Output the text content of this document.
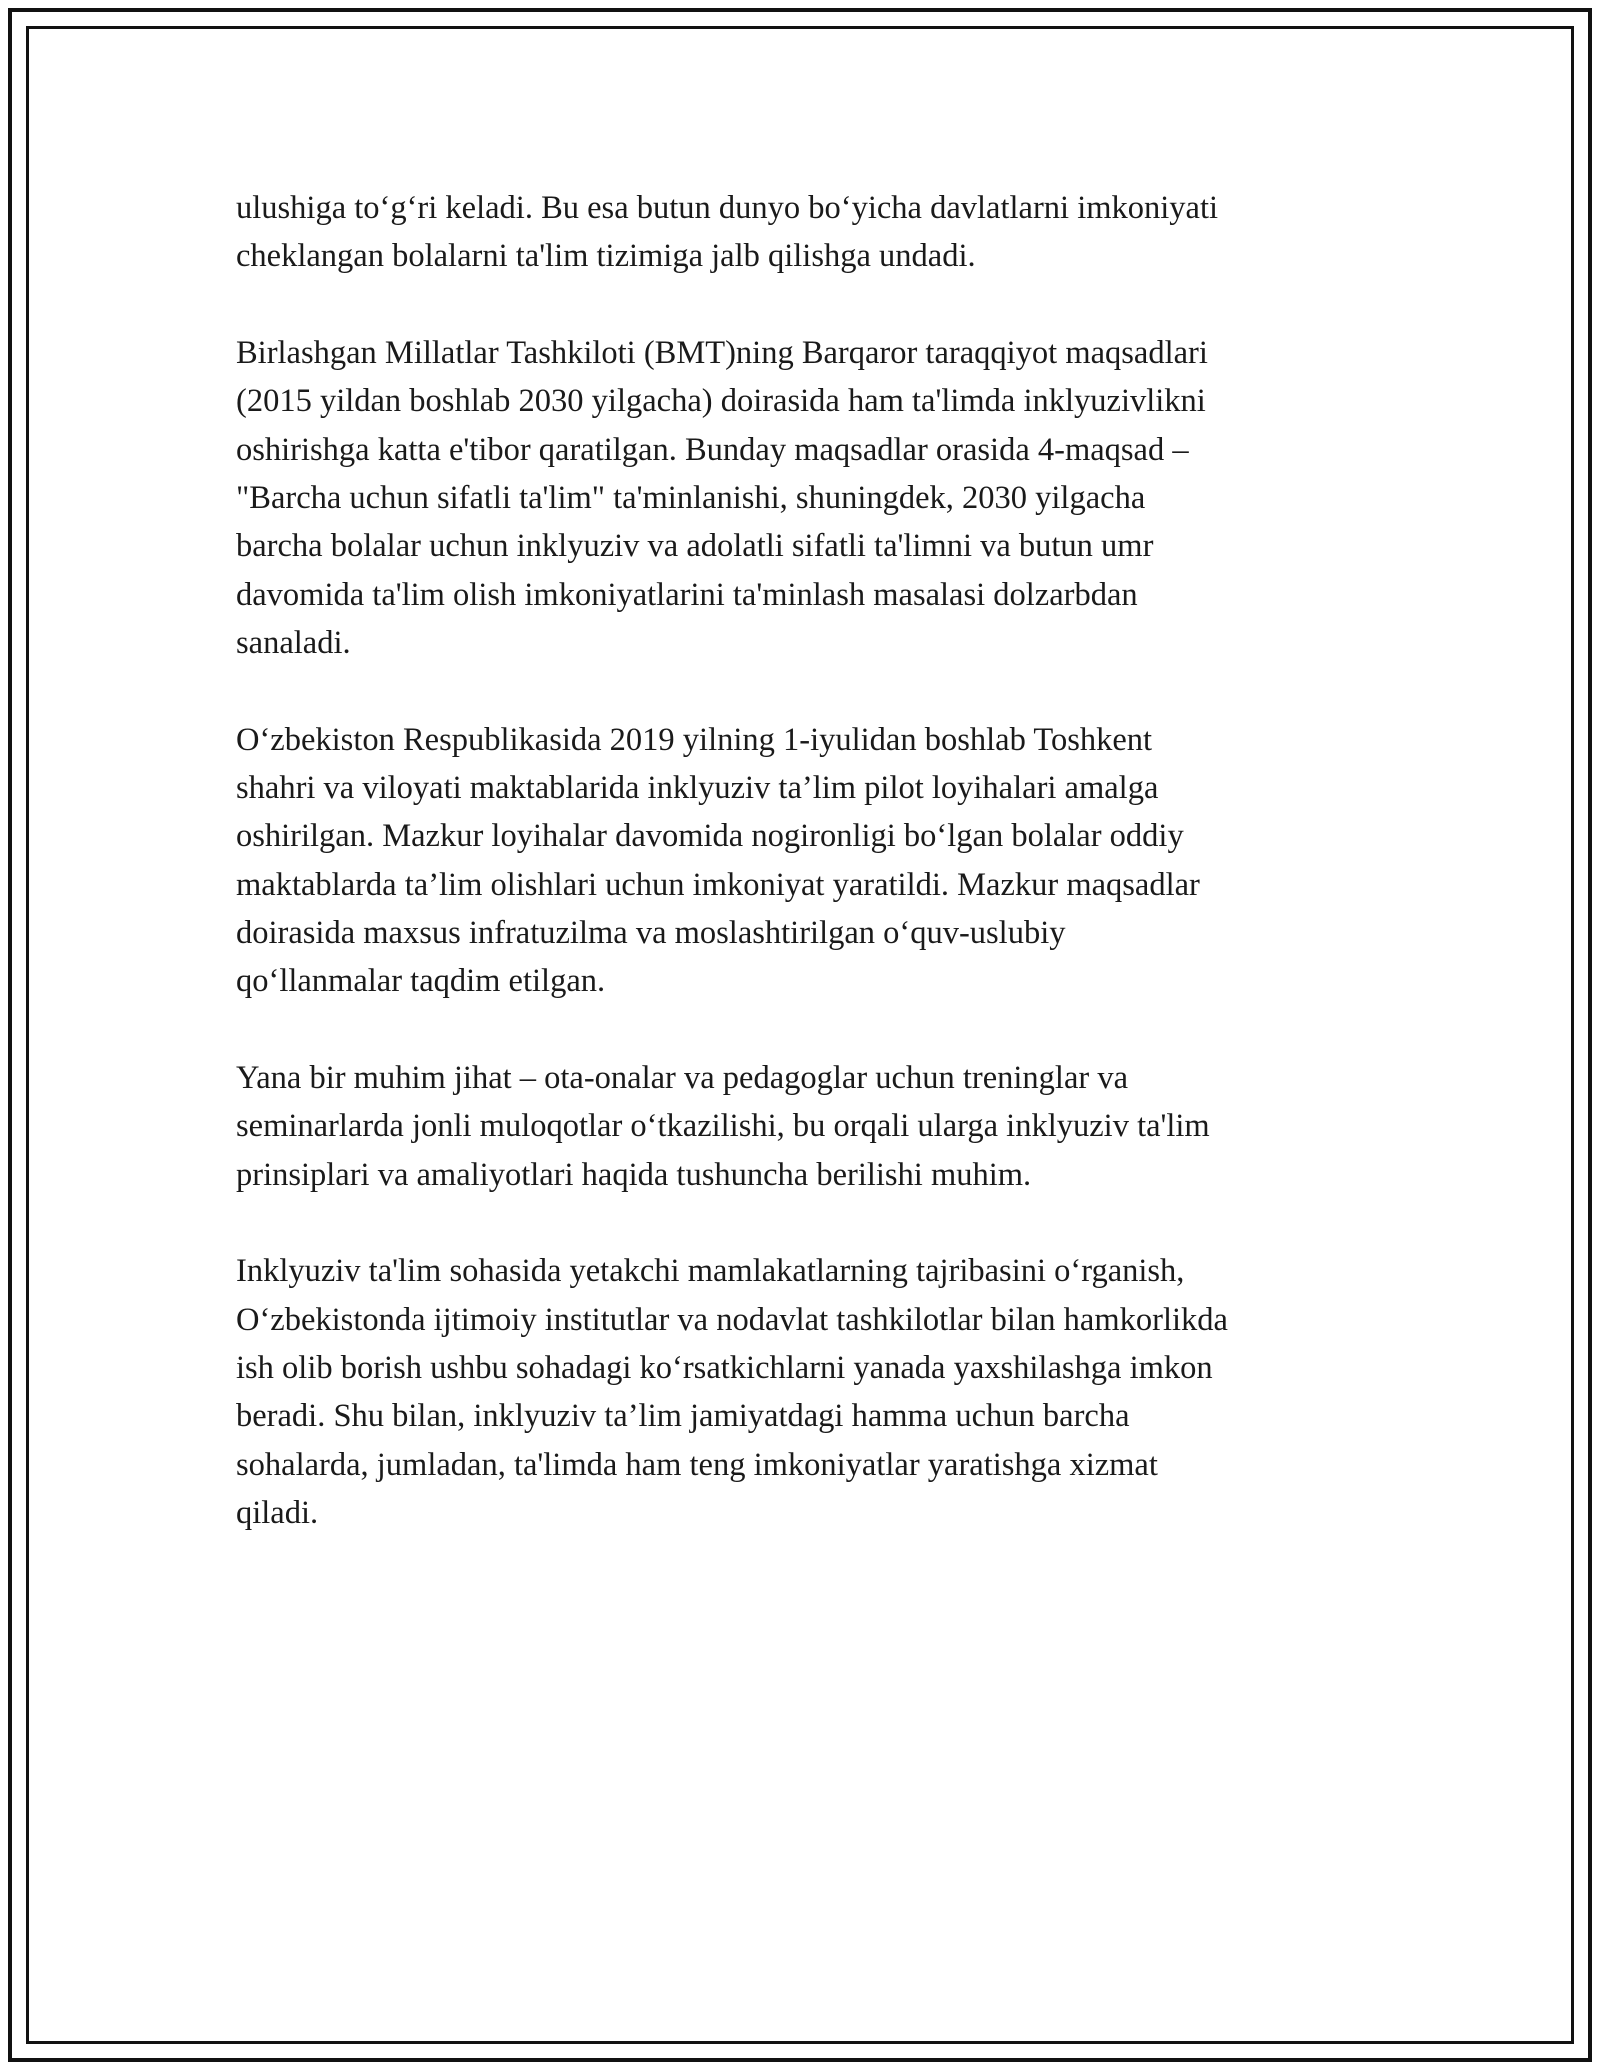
ulushiga to‘g‘ri keladi. Bu esa butun dunyo bo‘yicha davlatlarni imkoniyati
cheklangan bolalarni ta'lim tizimiga jalb qilishga undadi.

Birlashgan Millatlar Tashkiloti (BMT)ning Barqaror taraqqiyot maqsadlari
(2015 yildan boshlab 2030 yilgacha) doirasida ham ta'limda inklyuzivlikni
oshirishga katta e'tibor qaratilgan. Bunday maqsadlar orasida 4-maqsad –
"Barcha uchun sifatli ta'lim" ta'minlanishi, shuningdek, 2030 yilgacha
barcha bolalar uchun inklyuziv va adolatli sifatli ta'limni va butun umr
davomida ta'lim olish imkoniyatlarini ta'minlash masalasi dolzarbdan
sanaladi.

O‘zbekiston Respublikasida 2019 yilning 1-iyulidan boshlab Toshkent
shahri va viloyati maktablarida inklyuziv ta’lim pilot loyihalari amalga
oshirilgan. Mazkur loyihalar davomida nogironligi bo‘lgan bolalar oddiy
maktablarda ta’lim olishlari uchun imkoniyat yaratildi. Mazkur maqsadlar
doirasida maxsus infratuzilma va moslashtirilgan o‘quv-uslubiy
qo‘llanmalar taqdim etilgan.

Yana bir muhim jihat – ota-onalar va pedagoglar uchun treninglar va
seminarlarda jonli muloqotlar o‘tkazilishi, bu orqali ularga inklyuziv ta'lim
prinsiplari va amaliyotlari haqida tushuncha berilishi muhim.

Inklyuziv ta'lim sohasida yetakchi mamlakatlarning tajribasini o‘rganish,
O‘zbekistonda ijtimoiy institutlar va nodavlat tashkilotlar bilan hamkorlikda
ish olib borish ushbu sohadagi ko‘rsatkichlarni yanada yaxshilashga imkon
beradi. Shu bilan, inklyuziv ta’lim jamiyatdagi hamma uchun barcha
sohalarda, jumladan, ta'limda ham teng imkoniyatlar yaratishga xizmat
qiladi.
